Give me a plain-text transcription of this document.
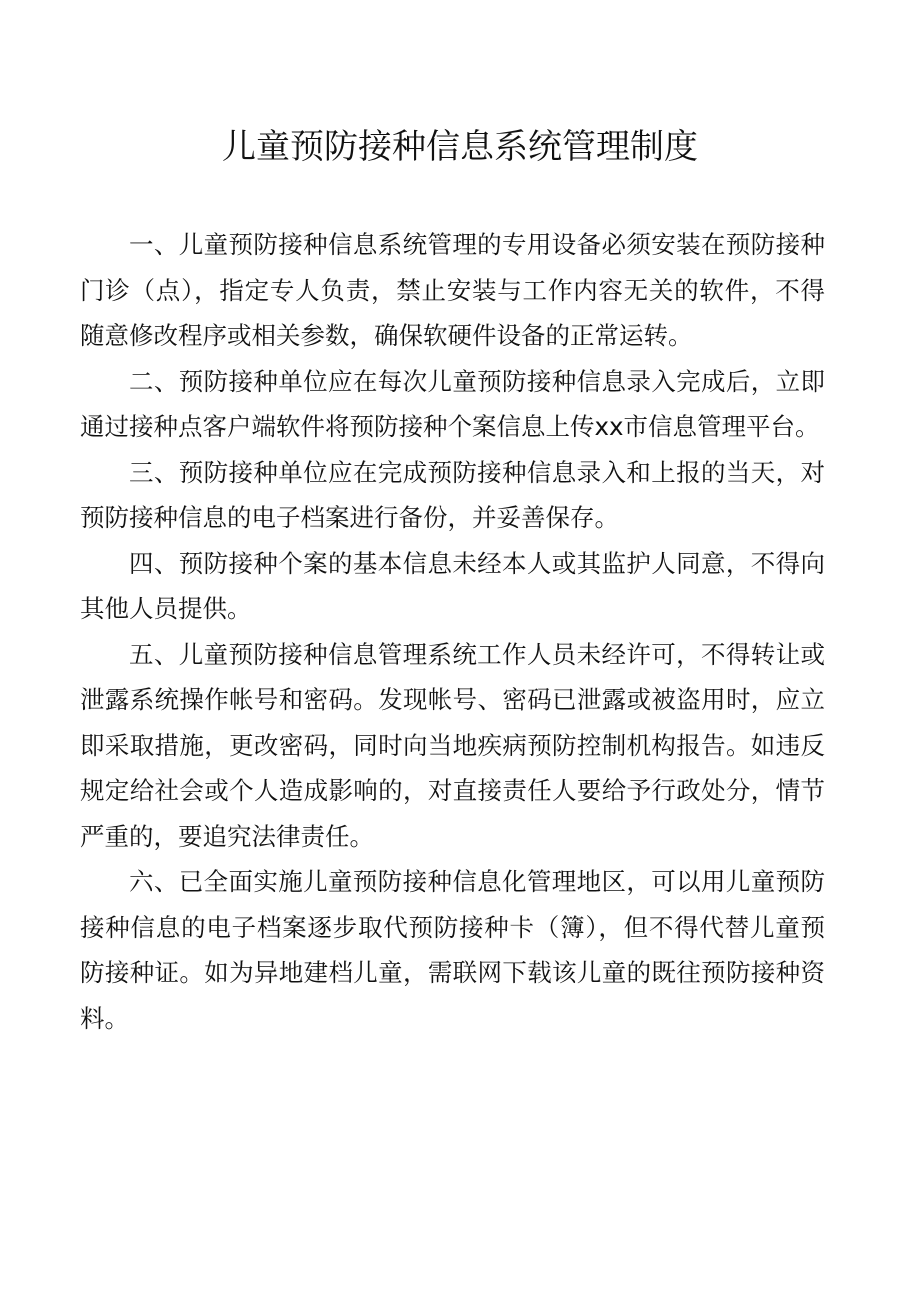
儿童预防接种信息系统管理制度

一、儿童预防接种信息系统管理的专用设备必须安装在预防接种门诊（点），指定专人负责，禁止安装与工作内容无关的软件，不得随意修改程序或相关参数，确保软硬件设备的正常运转。

二、预防接种单位应在每次儿童预防接种信息录入完成后，立即通过接种点客户端软件将预防接种个案信息上传xx市信息管理平台。

三、预防接种单位应在完成预防接种信息录入和上报的当天，对预防接种信息的电子档案进行备份，并妥善保存。

四、预防接种个案的基本信息未经本人或其监护人同意，不得向其他人员提供。

五、儿童预防接种信息管理系统工作人员未经许可，不得转让或泄露系统操作帐号和密码。发现帐号、密码已泄露或被盗用时，应立即采取措施，更改密码，同时向当地疾病预防控制机构报告。如违反规定给社会或个人造成影响的，对直接责任人要给予行政处分，情节严重的，要追究法律责任。

六、已全面实施儿童预防接种信息化管理地区，可以用儿童预防接种信息的电子档案逐步取代预防接种卡（簿），但不得代替儿童预防接种证。如为异地建档儿童，需联网下载该儿童的既往预防接种资料。
